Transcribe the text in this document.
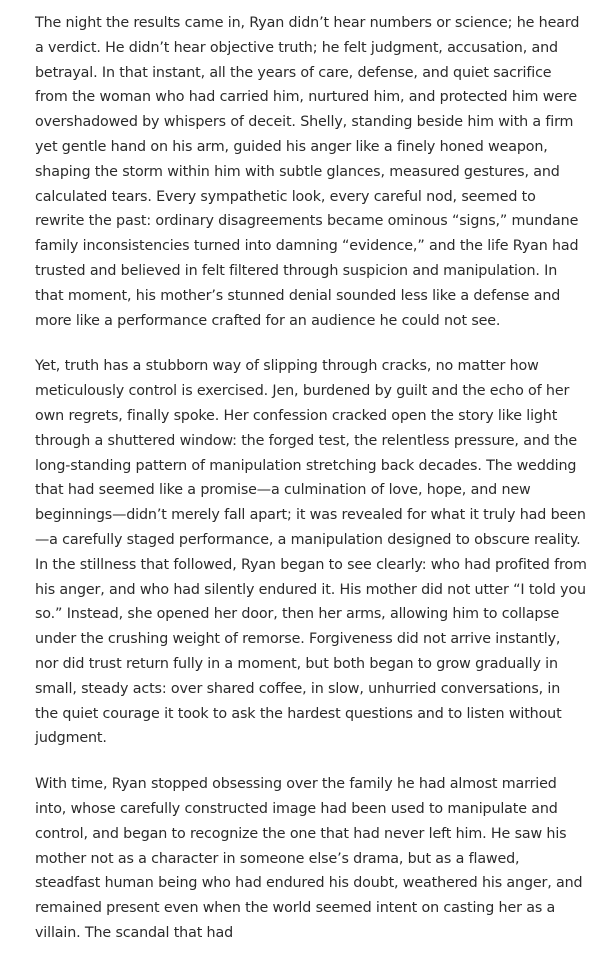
The night the results came in, Ryan didn’t hear numbers or science; he heard a verdict. He didn’t hear objective truth; he felt judgment, accusation, and betrayal. In that instant, all the years of care, defense, and quiet sacrifice from the woman who had carried him, nurtured him, and protected him were overshadowed by whispers of deceit. Shelly, standing beside him with a firm yet gentle hand on his arm, guided his anger like a finely honed weapon, shaping the storm within him with subtle glances, measured gestures, and calculated tears. Every sympathetic look, every careful nod, seemed to rewrite the past: ordinary disagreements became ominous “signs,” mundane family inconsistencies turned into damning “evidence,” and the life Ryan had trusted and believed in felt filtered through suspicion and manipulation. In that moment, his mother’s stunned denial sounded less like a defense and more like a performance crafted for an audience he could not see.

Yet, truth has a stubborn way of slipping through cracks, no matter how meticulously control is exercised. Jen, burdened by guilt and the echo of her own regrets, finally spoke. Her confession cracked open the story like light through a shuttered window: the forged test, the relentless pressure, and the long-standing pattern of manipulation stretching back decades. The wedding that had seemed like a promise—a culmination of love, hope, and new beginnings—didn’t merely fall apart; it was revealed for what it truly had been—a carefully staged performance, a manipulation designed to obscure reality. In the stillness that followed, Ryan began to see clearly: who had profited from his anger, and who had silently endured it. His mother did not utter “I told you so.” Instead, she opened her door, then her arms, allowing him to collapse under the crushing weight of remorse. Forgiveness did not arrive instantly, nor did trust return fully in a moment, but both began to grow gradually in small, steady acts: over shared coffee, in slow, unhurried conversations, in the quiet courage it took to ask the hardest questions and to listen without judgment.

With time, Ryan stopped obsessing over the family he had almost married into, whose carefully constructed image had been used to manipulate and control, and began to recognize the one that had never left him. He saw his mother not as a character in someone else’s drama, but as a flawed, steadfast human being who had endured his doubt, weathered his anger, and remained present even when the world seemed intent on casting her as a villain. The scandal that had
